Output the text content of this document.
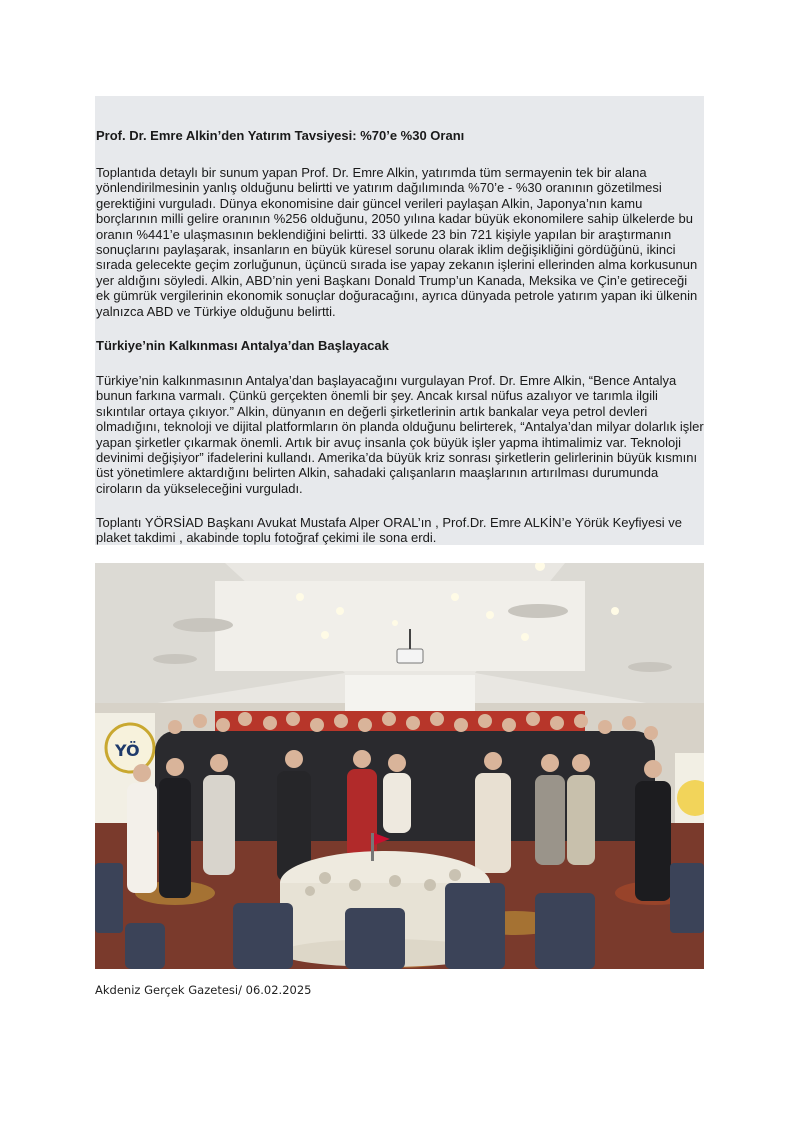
Prof. Dr. Emre Alkin’den Yatırım Tavsiyesi: %70’e %30 Oranı

Toplantıda detaylı bir sunum yapan Prof. Dr. Emre Alkin, yatırımda tüm sermayenin tek bir alana yönlendirilmesinin yanlış olduğunu belirtti ve yatırım dağılımında %70’e - %30 oranının gözetilmesi gerektiğini vurguladı. Dünya ekonomisine dair güncel verileri paylaşan Alkin, Japonya’nın kamu borçlarının milli gelire oranının %256 olduğunu, 2050 yılına kadar büyük ekonomilere sahip ülkelerde bu oranın %441’e ulaşmasının beklendiğini belirtti. 33 ülkede 23 bin 721 kişiyle yapılan bir araştırmanın sonuçlarını paylaşarak, insanların en büyük küresel sorunu olarak iklim değişikliğini gördüğünü, ikinci sırada gelecekte geçim zorluğunun, üçüncü sırada ise yapay zekanın işlerini ellerinden alma korkusunun yer aldığını söyledi. Alkin, ABD’nin yeni Başkanı Donald Trump’un Kanada, Meksika ve Çin’e getireceği ek gümrük vergilerinin ekonomik sonuçlar doğuracağını, ayrıca dünyada petrole yatırım yapan iki ülkenin yalnızca ABD ve Türkiye olduğunu belirtti.

Türkiye’nin Kalkınması Antalya’dan Başlayacak

Türkiye’nin kalkınmasının Antalya’dan başlayacağını vurgulayan Prof. Dr. Emre Alkin, “Bence Antalya bunun farkına varmalı. Çünkü gerçekten önemli bir şey. Ancak kırsal nüfus azalıyor ve tarımla ilgili sıkıntılar ortaya çıkıyor.” Alkin, dünyanın en değerli şirketlerinin artık bankalar veya petrol devleri olmadığını, teknoloji ve dijital platformların ön planda olduğunu belirterek, “Antalya’dan milyar dolarlık işler yapan şirketler çıkarmak önemli. Artık bir avuç insanla çok büyük işler yapma ihtimalimiz var. Teknoloji devinimi değişiyor” ifadelerini kullandı. Amerika’da büyük kriz sonrası şirketlerin gelirlerinin büyük kısmını üst yönetimlere aktardığını belirten Alkin, sahadaki çalışanların maaşlarının artırılması durumunda ciroların da yükseleceğini vurguladı.

Toplantı YÖRSİAD Başkanı Avukat Mustafa Alper ORAL’ın , Prof.Dr. Emre ALKİN’e Yörük Keyfiyesi ve plaket takdimi , akabinde toplu fotoğraf çekimi ile sona erdi.

YÖ
Akdeniz Gerçek Gazetesi/ 06.02.2025
